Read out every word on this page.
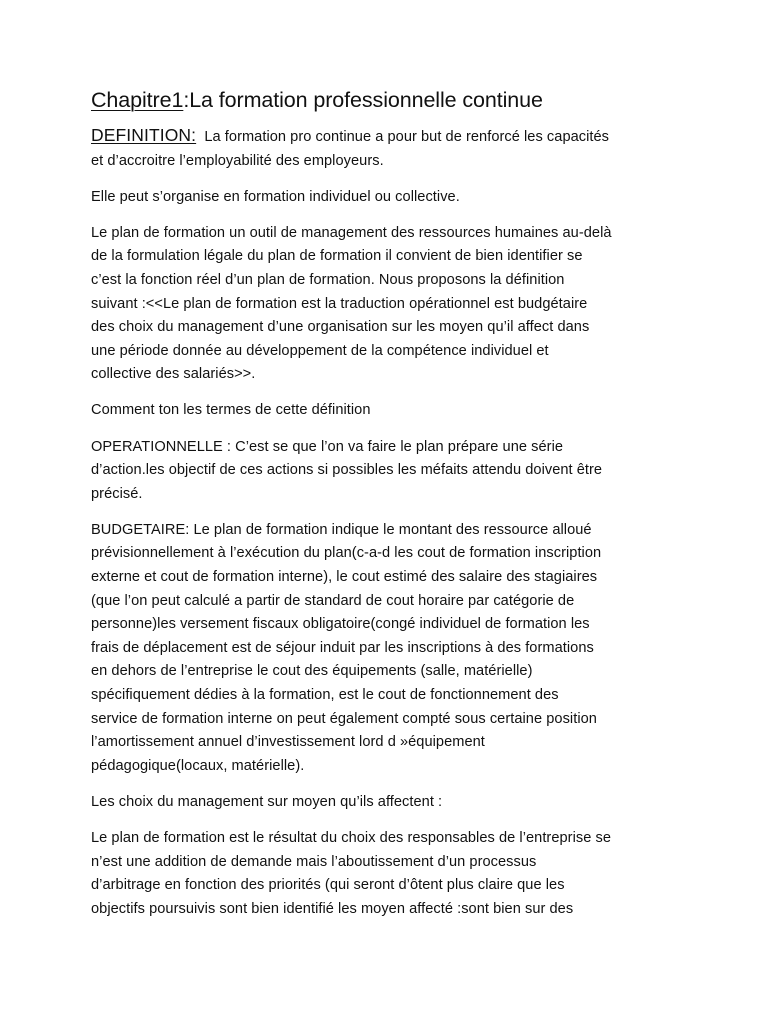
Chapitre1:La formation professionnelle continue

DEFINITION: La formation pro continue a pour but de renforcé les capacités
et d’accroitre l’employabilité des employeurs.

Elle peut s’organise en formation individuel ou collective.

Le plan de formation un outil de management des ressources humaines au-delà
de la formulation légale du plan de formation il convient de bien identifier se
c’est la fonction réel d’un plan de formation. Nous proposons la définition
suivant :<<Le plan de formation est la traduction opérationnel est budgétaire
des choix du management d’une organisation sur les moyen qu’il affect dans
une période donnée au développement de la compétence individuel et
collective des salariés>>.

Comment ton les termes de cette définition

OPERATIONNELLE : C’est se que l’on va faire le plan prépare une série
d’action.les objectif de ces actions si possibles les méfaits attendu doivent être
précisé.

BUDGETAIRE: Le plan de formation indique le montant des ressource alloué
prévisionnellement à l’exécution du plan(c-a-d les cout de formation inscription
externe et cout de formation interne), le cout estimé des salaire des stagiaires
(que l’on peut calculé a partir de standard de cout horaire par catégorie de
personne)les versement fiscaux obligatoire(congé individuel de formation les
frais de déplacement est de séjour induit par les inscriptions à des formations
en dehors de l’entreprise le cout des équipements (salle, matérielle)
spécifiquement dédies à la formation, est le cout de fonctionnement des
service de formation interne on peut également compté sous certaine position
l’amortissement annuel d’investissement lord d »équipement
pédagogique(locaux, matérielle).

Les choix du management sur moyen qu’ils affectent :

Le plan de formation est le résultat du choix des responsables de l’entreprise se
n’est une addition de demande mais l’aboutissement d’un processus
d’arbitrage en fonction des priorités (qui seront d’ôtent plus claire que les
objectifs poursuivis sont bien identifié les moyen affecté :sont bien sur des
